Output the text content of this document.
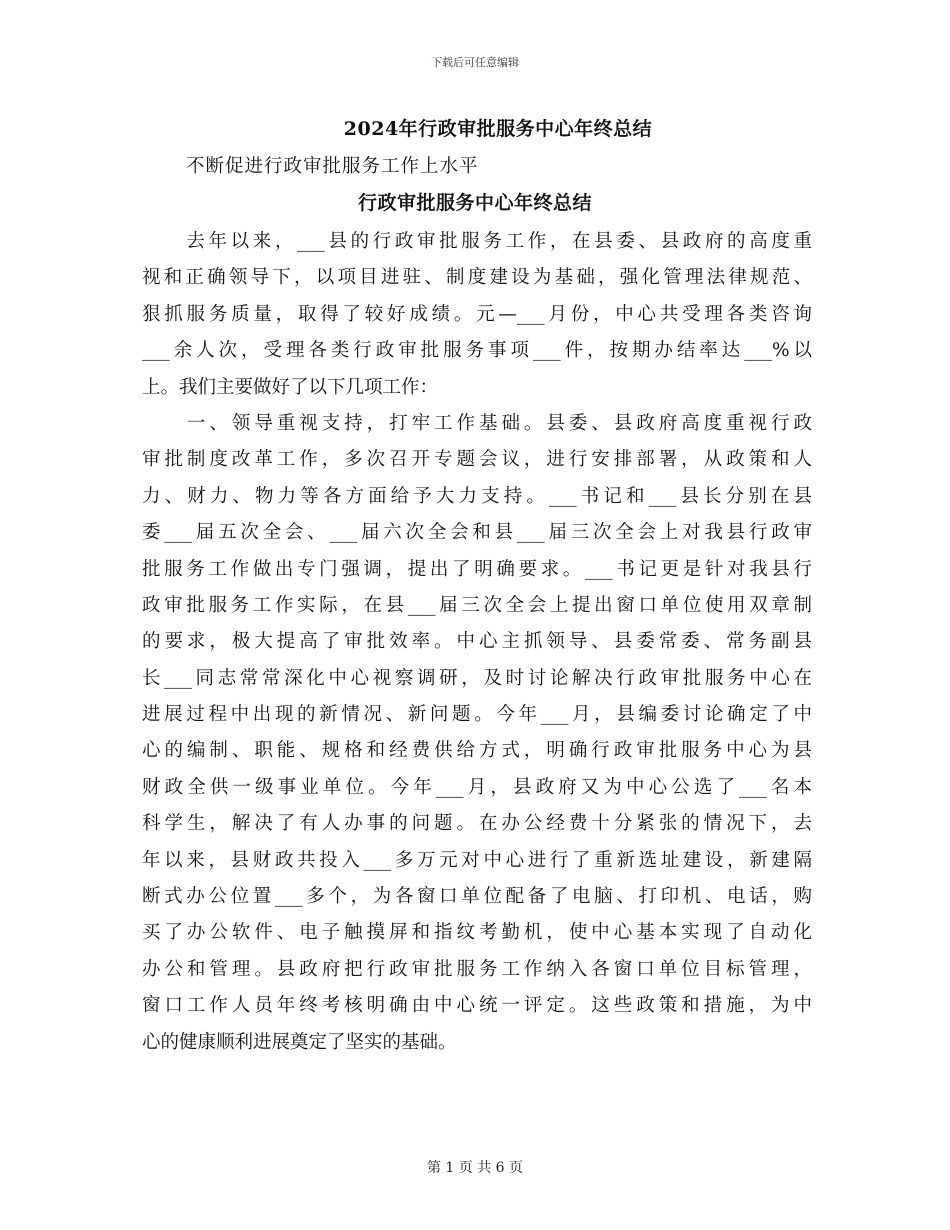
下载后可任意编辑
2024年行政审批服务中心年终总结
不断促进行政审批服务工作上水平
行政审批服务中心年终总结
　　去年以来，___县的行政审批服务工作，在县委、县政府的高度重
视和正确领导下，以项目进驻、制度建设为基础，强化管理法律规范、
狠抓服务质量，取得了较好成绩。元—___月份，中心共受理各类咨询
___余人次，受理各类行政审批服务事项___件，按期办结率达___%以
上。我们主要做好了以下几项工作：
　　一、领导重视支持，打牢工作基础。县委、县政府高度重视行政
审批制度改革工作，多次召开专题会议，进行安排部署，从政策和人
力、财力、物力等各方面给予大力支持。___书记和___县长分别在县
委___届五次全会、___届六次全会和县___届三次全会上对我县行政审
批服务工作做出专门强调，提出了明确要求。___书记更是针对我县行
政审批服务工作实际，在县___届三次全会上提出窗口单位使用双章制
的要求，极大提高了审批效率。中心主抓领导、县委常委、常务副县
长___同志常常深化中心视察调研，及时讨论解决行政审批服务中心在
进展过程中出现的新情况、新问题。今年___月，县编委讨论确定了中
心的编制、职能、规格和经费供给方式，明确行政审批服务中心为县
财政全供一级事业单位。今年___月，县政府又为中心公选了___名本
科学生，解决了有人办事的问题。在办公经费十分紧张的情况下，去
年以来，县财政共投入___多万元对中心进行了重新选址建设，新建隔
断式办公位置___多个，为各窗口单位配备了电脑、打印机、电话，购
买了办公软件、电子触摸屏和指纹考勤机，使中心基本实现了自动化
办公和管理。县政府把行政审批服务工作纳入各窗口单位目标管理，
窗口工作人员年终考核明确由中心统一评定。这些政策和措施，为中
心的健康顺利进展奠定了坚实的基础。
第 1 页 共 6 页
